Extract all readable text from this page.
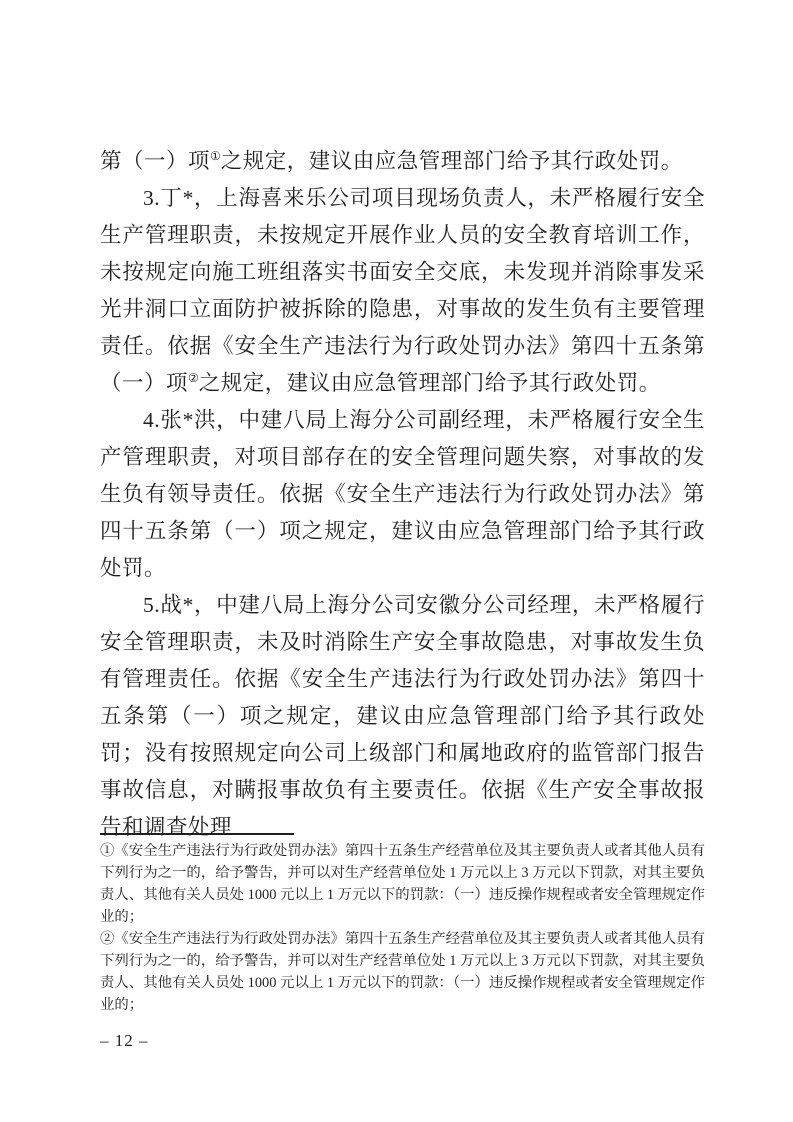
第（一）项①之规定，建议由应急管理部门给予其行政处罚。

3.丁*，上海喜来乐公司项目现场负责人，未严格履行安全生产管理职责，未按规定开展作业人员的安全教育培训工作，未按规定向施工班组落实书面安全交底，未发现并消除事发采光井洞口立面防护被拆除的隐患，对事故的发生负有主要管理责任。依据《安全生产违法行为行政处罚办法》第四十五条第（一）项②之规定，建议由应急管理部门给予其行政处罚。

4.张*洪，中建八局上海分公司副经理，未严格履行安全生产管理职责，对项目部存在的安全管理问题失察，对事故的发生负有领导责任。依据《安全生产违法行为行政处罚办法》第四十五条第（一）项之规定，建议由应急管理部门给予其行政处罚。

5.战*，中建八局上海分公司安徽分公司经理，未严格履行安全管理职责，未及时消除生产安全事故隐患，对事故发生负有管理责任。依据《安全生产违法行为行政处罚办法》第四十五条第（一）项之规定，建议由应急管理部门给予其行政处罚；没有按照规定向公司上级部门和属地政府的监管部门报告事故信息，对瞒报事故负有主要责任。依据《生产安全事故报告和调查处理

①《安全生产违法行为行政处罚办法》第四十五条生产经营单位及其主要负责人或者其他人员有下列行为之一的，给予警告，并可以对生产经营单位处 1 万元以上 3 万元以下罚款，对其主要负责人、其他有关人员处 1000 元以上 1 万元以下的罚款：（一）违反操作规程或者安全管理规定作业的；

②《安全生产违法行为行政处罚办法》第四十五条生产经营单位及其主要负责人或者其他人员有下列行为之一的，给予警告，并可以对生产经营单位处 1 万元以上 3 万元以下罚款，对其主要负责人、其他有关人员处 1000 元以上 1 万元以下的罚款：（一）违反操作规程或者安全管理规定作业的；

– 12 –
